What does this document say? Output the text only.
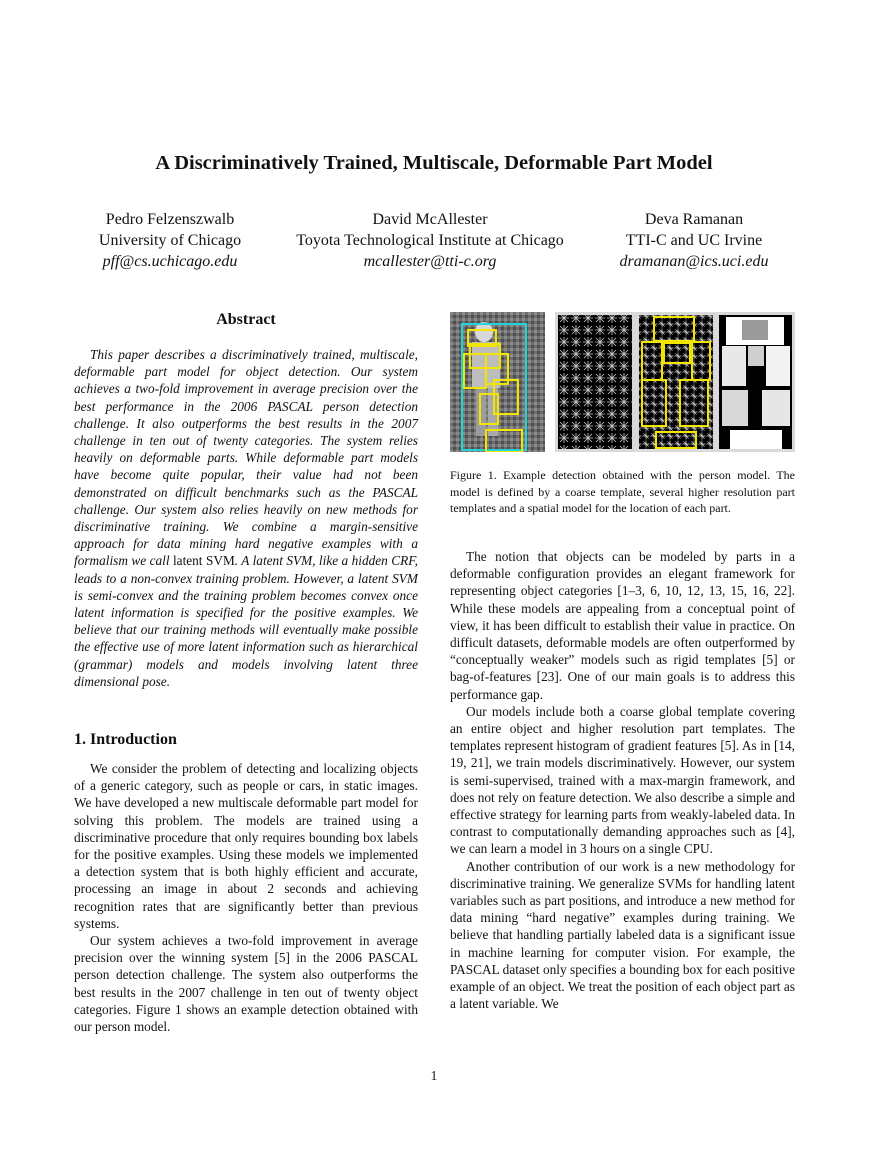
A Discriminatively Trained, Multiscale, Deformable Part Model
Pedro Felzenszwalb
University of Chicago
pff@cs.uchicago.edu
David McAllester
Toyota Technological Institute at Chicago
mcallester@tti-c.org
Deva Ramanan
TTI-C and UC Irvine
dramanan@ics.uci.edu
Abstract

This paper describes a discriminatively trained, multiscale, deformable part model for object detection. Our system achieves a two-fold improvement in average precision over the best performance in the 2006 PASCAL person detection challenge. It also outperforms the best results in the 2007 challenge in ten out of twenty categories. The system relies heavily on deformable parts. While deformable part models have become quite popular, their value had not been demonstrated on difficult benchmarks such as the PASCAL challenge. Our system also relies heavily on new methods for discriminative training. We combine a margin-sensitive approach for data mining hard negative examples with a formalism we call latent SVM. A latent SVM, like a hidden CRF, leads to a non-convex training problem. However, a latent SVM is semi-convex and the training problem becomes convex once latent information is specified for the positive examples. We believe that our training methods will eventually make possible the effective use of more latent information such as hierarchical (grammar) models and models involving latent three dimensional pose.

1. Introduction

We consider the problem of detecting and localizing objects of a generic category, such as people or cars, in static images. We have developed a new multiscale deformable part model for solving this problem. The models are trained using a discriminative procedure that only requires bounding box labels for the positive examples. Using these models we implemented a detection system that is both highly efficient and accurate, processing an image in about 2 seconds and achieving recognition rates that are significantly better than previous systems.

Our system achieves a two-fold improvement in average precision over the winning system [5] in the 2006 PASCAL person detection challenge. The system also outperforms the best results in the 2007 challenge in ten out of twenty object categories. Figure 1 shows an example detection obtained with our person model.

Figure 1. Example detection obtained with the person model. The model is defined by a coarse template, several higher resolution part templates and a spatial model for the location of each part.

The notion that objects can be modeled by parts in a deformable configuration provides an elegant framework for representing object categories [1–3, 6, 10, 12, 13, 15, 16, 22]. While these models are appealing from a conceptual point of view, it has been difficult to establish their value in practice. On difficult datasets, deformable models are often outperformed by “conceptually weaker” models such as rigid templates [5] or bag-of-features [23]. One of our main goals is to address this performance gap.

Our models include both a coarse global template covering an entire object and higher resolution part templates. The templates represent histogram of gradient features [5]. As in [14, 19, 21], we train models discriminatively. However, our system is semi-supervised, trained with a max-margin framework, and does not rely on feature detection. We also describe a simple and effective strategy for learning parts from weakly-labeled data. In contrast to computationally demanding approaches such as [4], we can learn a model in 3 hours on a single CPU.

Another contribution of our work is a new methodology for discriminative training. We generalize SVMs for handling latent variables such as part positions, and introduce a new method for data mining “hard negative” examples during training. We believe that handling partially labeled data is a significant issue in machine learning for computer vision. For example, the PASCAL dataset only specifies a bounding box for each positive example of an object. We treat the position of each object part as a latent variable. We

1
